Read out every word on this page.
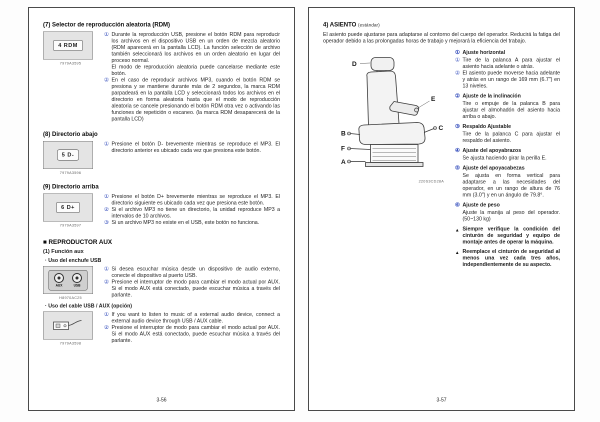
(7) Selector de reproducción aleatoria (RDM)
4 RDM
7979A3595
① Durante la reproducción USB, presione el botón RDM para reproducir los archivos en el dispositivo USB en un orden de mezcla aleatorio (RDM aparecerá en la pantalla LCD). La función selección de archivo también seleccionará los archivos en un orden aleatorio en lugar del proceso normal.
El modo de reproducción aleatoria puede cancelarse mediante este botón.
② En el caso de reproducir archivos MP3, cuando el botón RDM se presiona y se mantiene durante más de 2 segundos, la marca RDM parpadeará en la pantalla LCD y seleccionará todos los archivos en el directorio en forma aleatoria hasta que el modo de reproducción aleatoria se cancele presionando el botón RDM otra vez o activando las funciones de repetición o escaneo. (la marca RDM desaparecerá de la pantalla LCD)
(8) Directorio abajo
5 D-
7979A3596
① Presione el botón D- brevemente mientras se reproduce el MP3. El directorio anterior es ubicado cada vez que presiona este botón.
(9) Directorio arriba
6 D+
7979A3597
① Presione el botón D+ brevemente mientras se reproduce el MP3. El directorio siguiente es ubicado cada vez que presiona este botón.
② Si el archivo MP3 no tiene un directorio, la unidad reproduce MP3 a intervalos de 10 archivos.
③ Si un archivo MP3 no existe en el USB, este botón no funciona.
■ REPRODUCTOR AUX
(1) Función aux
· Uso del enchufe USB
AUX USB
H8970AC25
① Si desea escuchar música desde un dispositivo de audio externo, conecte el dispositivo al puerto USB.
② Presione el interruptor de modo para cambiar el modo actual por AUX. Si el modo AUX está conectado, puede escuchar música a través del parlante.
· Uso del cable USB / AUX (opción)
7979A3598
① If you want to listen to music of a external audio device, connect a external audio device through USB / AUX cable.
② Presione el interruptor de modo para cambiar el modo actual por AUX. Si el modo AUX está conectado, puede escuchar música a través del parlante.
3-56
4) ASIENTO (estándar)
El asiento puede ajustarse para adaptarse al contorno del cuerpo del operador. Reducirá la fatiga del operador debido a las prolongadas horas de trabajo y mejorará la eficiencia del trabajo.
D
E
C
B
F
A
220S3CD28A
① Ajuste horizontal
① Tire de la palanca A para ajustar el asiento hacia adelante o atrás.
② El asiento puede moverse hacia adelante y atrás en un rango de 169 mm (6.7") en 13 niveles.
② Ajuste de la inclinación
Tire o empuje de la palanca B para ajustar el almohadón del asiento hacia arriba o abajo.
③ Respaldo Ajustable
Tire de la palanca C para ajustar el respaldo del asiento.
④ Ajuste del apoyabrazos
Se ajusta haciendo girar la perilla E.
⑤ Ajuste del apoyacabezas
Se ajusta en forma vertical para adaptarse a las necesidades del operador, en un rango de altura de 76 mm (3.0") y en un ángulo de 79.8°.
⑥ Ajuste de peso
Ajuste la manija al peso del operador. (50~130 kg)
▲ Siempre verifique la condición del cinturón de seguridad y equipo de montaje antes de operar la máquina.
▲ Reemplace el cinturón de seguridad al menos una vez cada tres años, independientemente de su aspecto.
3-57
